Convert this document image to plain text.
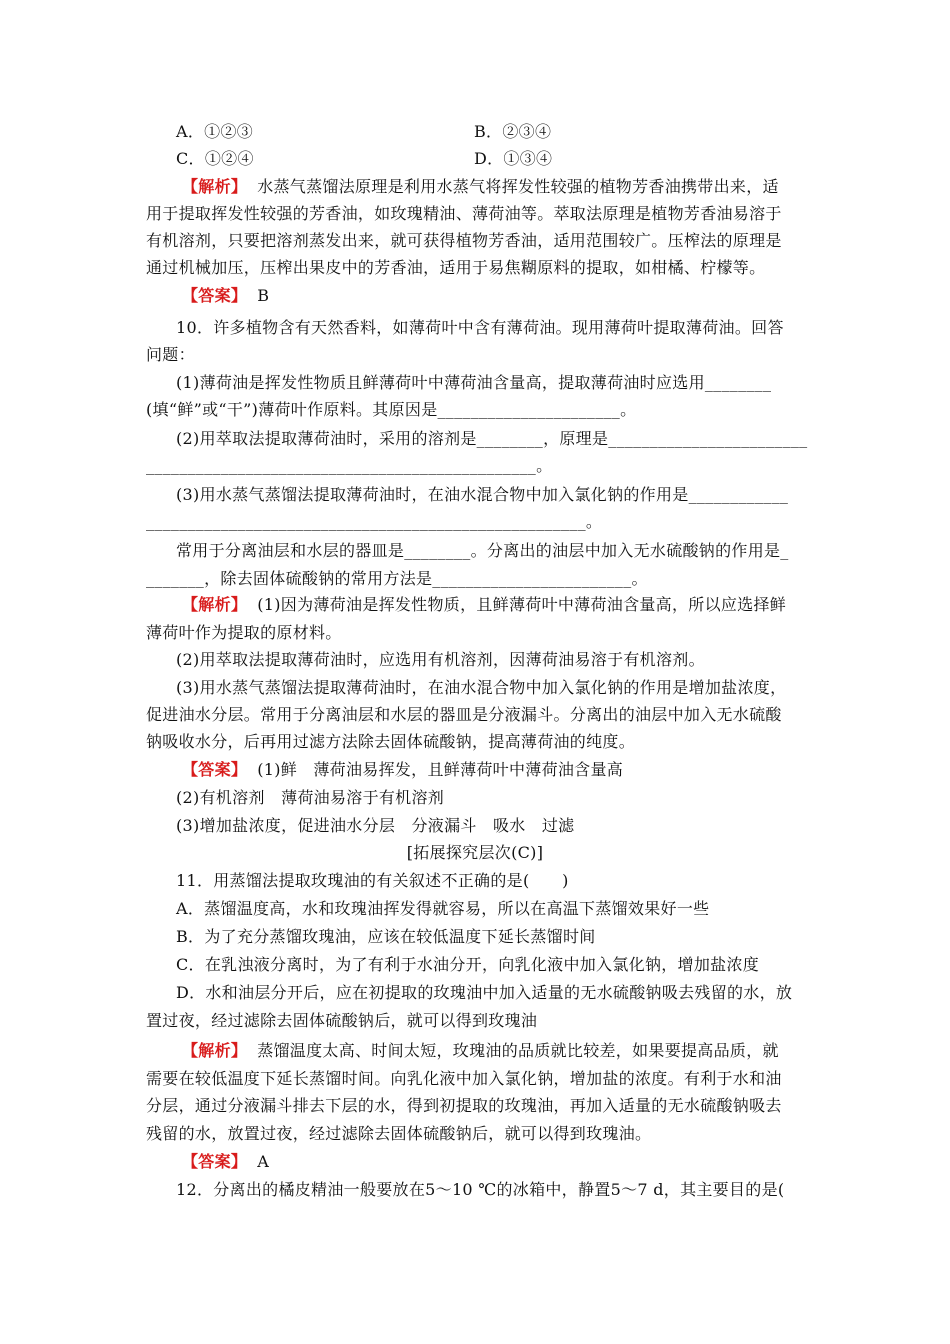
A．①②③	B．②③④
C．①②④	D．①③④
【解析】 水蒸气蒸馏法原理是利用水蒸气将挥发性较强的植物芳香油携带出来，适
用于提取挥发性较强的芳香油，如玫瑰精油、薄荷油等。萃取法原理是植物芳香油易溶于
有机溶剂，只要把溶剂蒸发出来，就可获得植物芳香油，适用范围较广。压榨法的原理是
通过机械加压，压榨出果皮中的芳香油，适用于易焦糊原料的提取，如柑橘、柠檬等。
【答案】 B
10．许多植物含有天然香料，如薄荷叶中含有薄荷油。现用薄荷叶提取薄荷油。回答
问题：
(1)薄荷油是挥发性物质且鲜薄荷叶中薄荷油含量高，提取薄荷油时应选用________
(填“鲜”或“干”)薄荷叶作原料。其原因是______________________。
(2)用萃取法提取薄荷油时，采用的溶剂是________，原理是________________________
_______________________________________________。
(3)用水蒸气蒸馏法提取薄荷油时，在油水混合物中加入氯化钠的作用是____________
_____________________________________________________。
常用于分离油层和水层的器皿是________。分离出的油层中加入无水硫酸钠的作用是_
_______，除去固体硫酸钠的常用方法是________________________。
【解析】 (1)因为薄荷油是挥发性物质，且鲜薄荷叶中薄荷油含量高，所以应选择鲜
薄荷叶作为提取的原材料。
(2)用萃取法提取薄荷油时，应选用有机溶剂，因薄荷油易溶于有机溶剂。
(3)用水蒸气蒸馏法提取薄荷油时，在油水混合物中加入氯化钠的作用是增加盐浓度，
促进油水分层。常用于分离油层和水层的器皿是分液漏斗。分离出的油层中加入无水硫酸
钠吸收水分，后再用过滤方法除去固体硫酸钠，提高薄荷油的纯度。
【答案】 (1)鲜　薄荷油易挥发，且鲜薄荷叶中薄荷油含量高
(2)有机溶剂　薄荷油易溶于有机溶剂
(3)增加盐浓度，促进油水分层　分液漏斗　吸水　过滤
[拓展探究层次(C)]
11．用蒸馏法提取玫瑰油的有关叙述不正确的是(　　)
A．蒸馏温度高，水和玫瑰油挥发得就容易，所以在高温下蒸馏效果好一些
B．为了充分蒸馏玫瑰油，应该在较低温度下延长蒸馏时间
C．在乳浊液分离时，为了有利于水油分开，向乳化液中加入氯化钠，增加盐浓度
D．水和油层分开后，应在初提取的玫瑰油中加入适量的无水硫酸钠吸去残留的水，放
置过夜，经过滤除去固体硫酸钠后，就可以得到玫瑰油
【解析】 蒸馏温度太高、时间太短，玫瑰油的品质就比较差，如果要提高品质，就
需要在较低温度下延长蒸馏时间。向乳化液中加入氯化钠，增加盐的浓度。有利于水和油
分层，通过分液漏斗排去下层的水，得到初提取的玫瑰油，再加入适量的无水硫酸钠吸去
残留的水，放置过夜，经过滤除去固体硫酸钠后，就可以得到玫瑰油。
【答案】 A
12．分离出的橘皮精油一般要放在5～10 ℃的冰箱中，静置5～7 d，其主要目的是(
